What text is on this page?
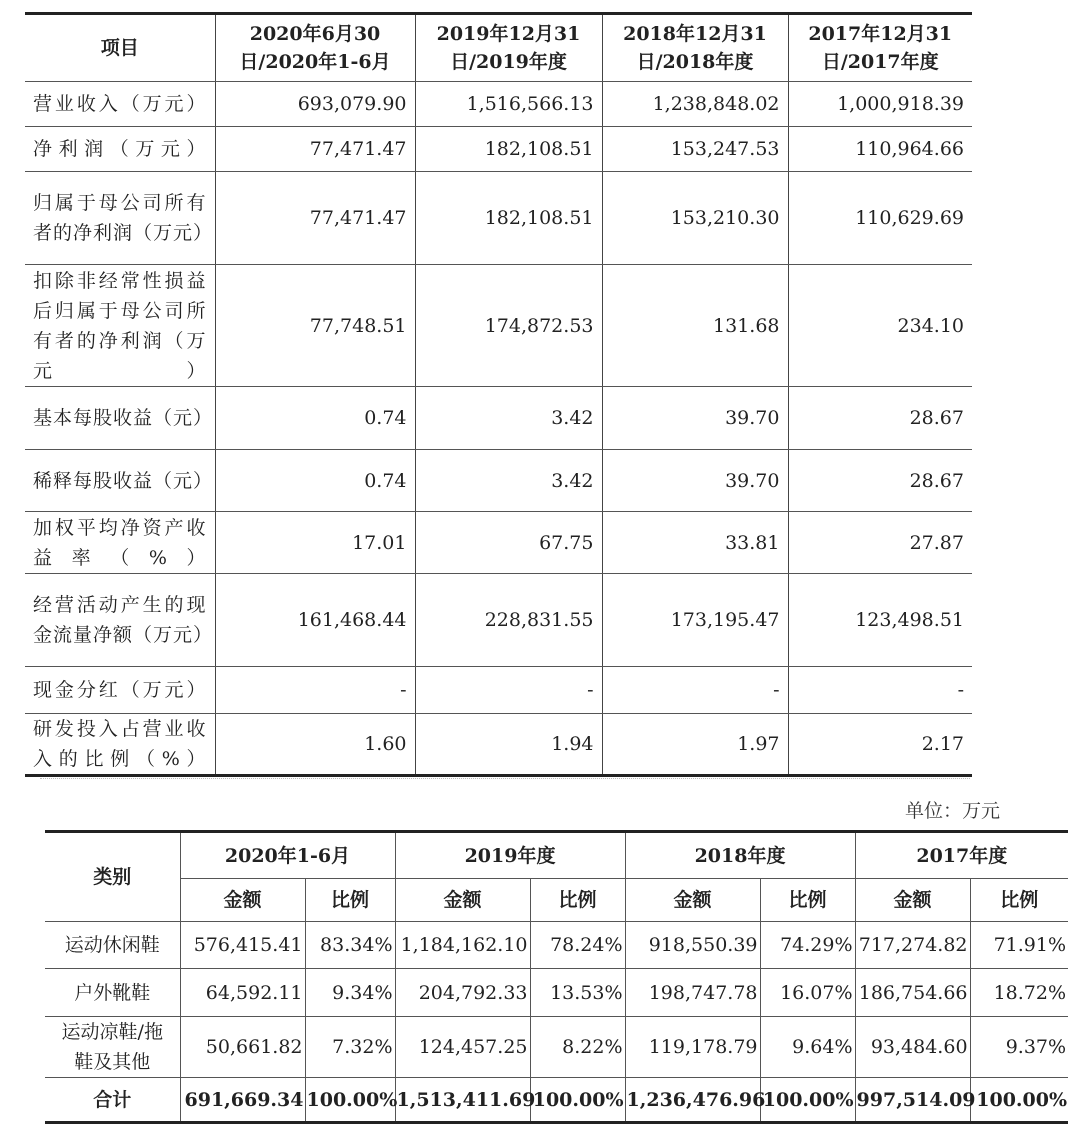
项目	2020年6月30日/2020年1-6月	2019年12月31日/2019年度	2018年12月31日/2018年度	2017年12月31日/2017年度
营业收入（万元）	693,079.90	1,516,566.13	1,238,848.02	1,000,918.39
净利润（万元）	77,471.47	182,108.51	153,247.53	110,964.66
归属于母公司所有者的净利润（万元）	77,471.47	182,108.51	153,210.30	110,629.69
扣除非经常性损益后归属于母公司所有者的净利润（万元）	77,748.51	174,872.53	131.68	234.10
基本每股收益（元）	0.74	3.42	39.70	28.67
稀释每股收益（元）	0.74	3.42	39.70	28.67
加权平均净资产收益率（%）	17.01	67.75	33.81	27.87
经营活动产生的现金流量净额（万元）	161,468.44	228,831.55	173,195.47	123,498.51
现金分红（万元）	-	-	-	-
研发投入占营业收入的比例（%）	1.60	1.94	1.97	2.17
单位：万元
类别	2020年1-6月		2019年度		2018年度		2017年度	
	金额	比例	金额	比例	金额	比例	金额	比例
运动休闲鞋	576,415.41	83.34%	1,184,162.10	78.24%	918,550.39	74.29%	717,274.82	71.91%
户外靴鞋	64,592.11	9.34%	204,792.33	13.53%	198,747.78	16.07%	186,754.66	18.72%
运动凉鞋/拖鞋及其他	50,661.82	7.32%	124,457.25	8.22%	119,178.79	9.64%	93,484.60	9.37%
合计	691,669.34	100.00%	1,513,411.69	100.00%	1,236,476.96	100.00%	997,514.09	100.00%
